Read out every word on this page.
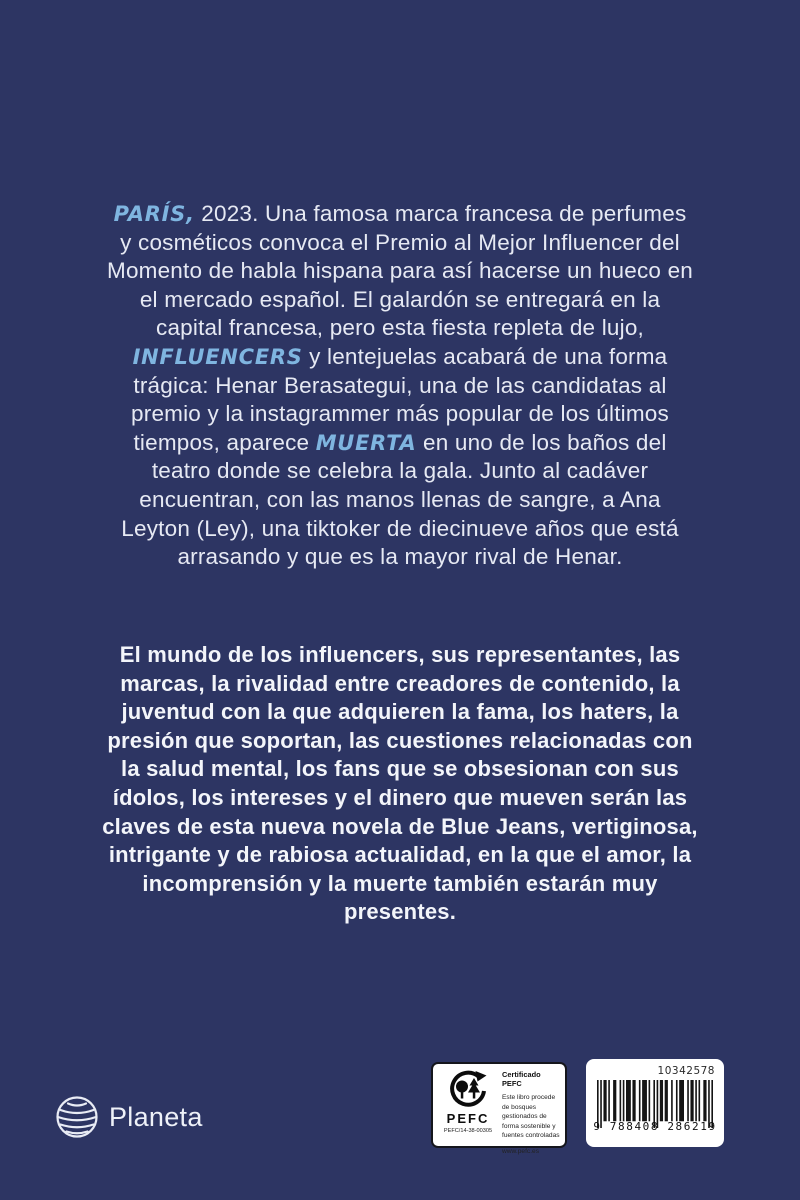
PARÍS, 2023. Una famosa marca francesa de perfumes y cosméticos convoca el Premio al Mejor Influencer del Momento de habla hispana para así hacerse un hueco en el mercado español. El galardón se entregará en la capital francesa, pero esta fiesta repleta de lujo, INFLUENCERS y lentejuelas acabará de una forma trágica: Henar Berasategui, una de las candidatas al premio y la instagrammer más popular de los últimos tiempos, aparece MUERTA en uno de los baños del teatro donde se celebra la gala. Junto al cadáver encuentran, con las manos llenas de sangre, a Ana Leyton (Ley), una tiktoker de diecinueve años que está arrasando y que es la mayor rival de Henar.

El mundo de los influencers, sus representantes, las marcas, la rivalidad entre creadores de contenido, la juventud con la que adquieren la fama, los haters, la presión que soportan, las cuestiones relacionadas con la salud mental, los fans que se obsesionan con sus ídolos, los intereses y el dinero que mueven serán las claves de esta nueva novela de Blue Jeans, vertiginosa, intrigante y de rabiosa actualidad, en la que el amor, la incomprensión y la muerte también estarán muy presentes.

Planeta	PEFC
PEFC/14-38-00305
Certificado PEFC
Este libro procede de bosques gestionados de forma sostenible y fuentes controladas
www.pefc.es
10342578
9 788408 286219
